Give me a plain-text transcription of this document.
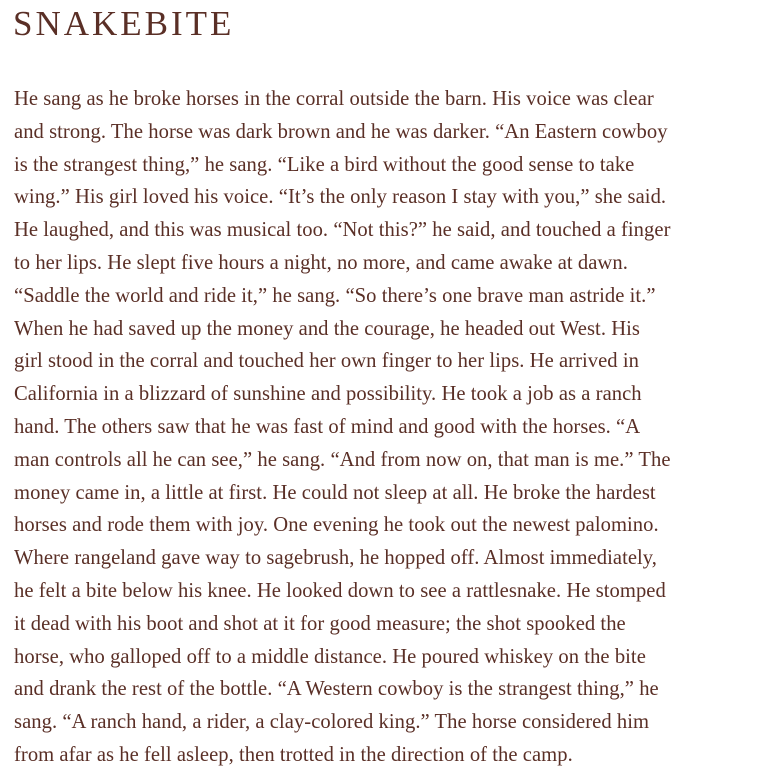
SNAKEBITE
He sang as he broke horses in the corral outside the barn. His voice was clear
and strong. The horse was dark brown and he was darker. “An Eastern cowboy
is the strangest thing,” he sang. “Like a bird without the good sense to take
wing.” His girl loved his voice. “It’s the only reason I stay with you,” she said.
He laughed, and this was musical too. “Not this?” he said, and touched a finger
to her lips. He slept five hours a night, no more, and came awake at dawn.
“Saddle the world and ride it,” he sang. “So there’s one brave man astride it.”
When he had saved up the money and the courage, he headed out West. His
girl stood in the corral and touched her own finger to her lips. He arrived in
California in a blizzard of sunshine and possibility. He took a job as a ranch
hand. The others saw that he was fast of mind and good with the horses. “A
man controls all he can see,” he sang. “And from now on, that man is me.” The
money came in, a little at first. He could not sleep at all. He broke the hardest
horses and rode them with joy. One evening he took out the newest palomino.
Where rangeland gave way to sagebrush, he hopped off. Almost immediately,
he felt a bite below his knee. He looked down to see a rattlesnake. He stomped
it dead with his boot and shot at it for good measure; the shot spooked the
horse, who galloped off to a middle distance. He poured whiskey on the bite
and drank the rest of the bottle. “A Western cowboy is the strangest thing,” he
sang. “A ranch hand, a rider, a clay-colored king.” The horse considered him
from afar as he fell asleep, then trotted in the direction of the camp.
